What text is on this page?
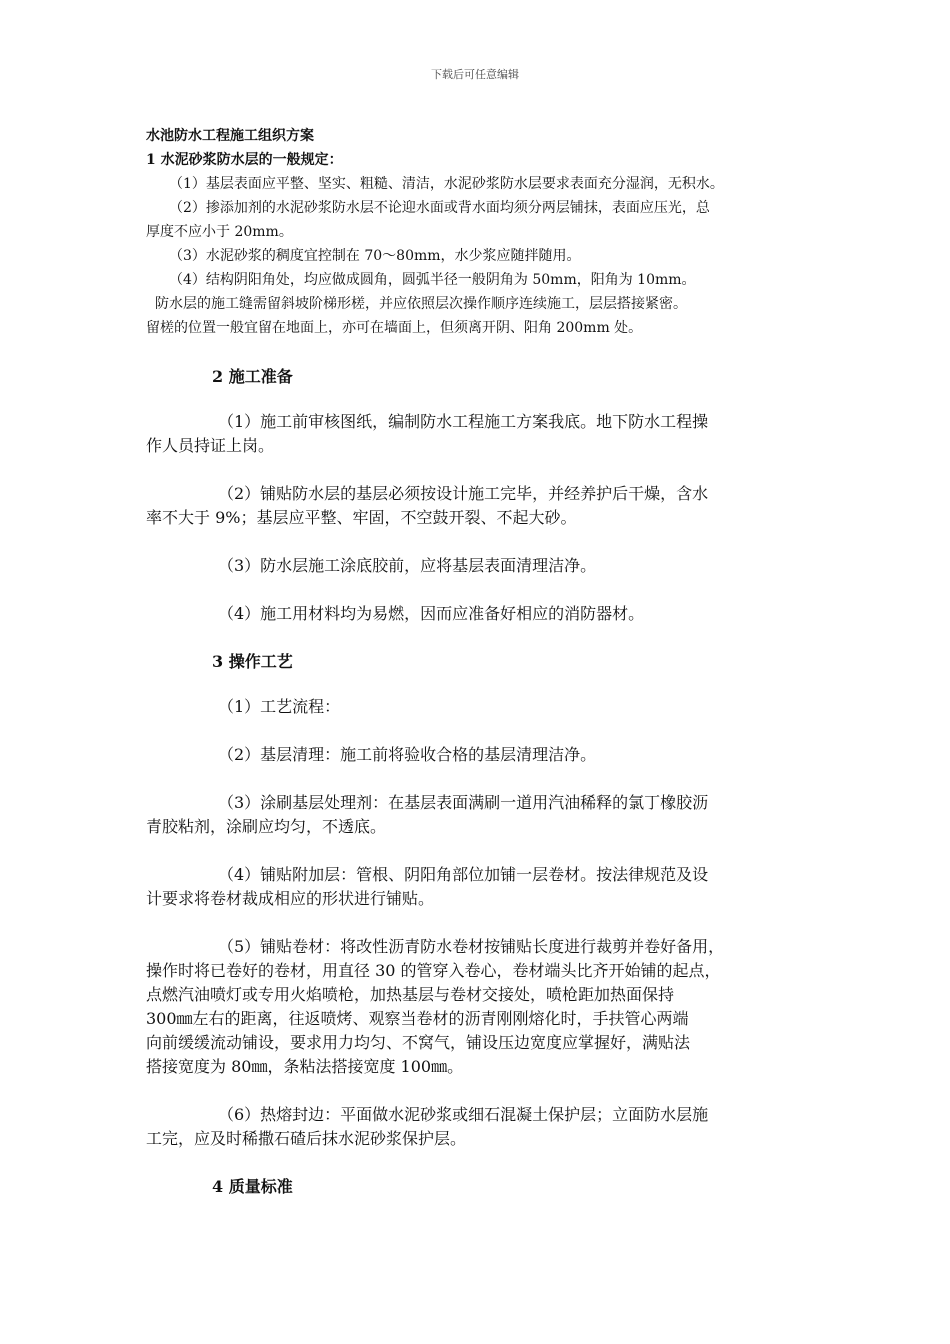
下载后可任意编辑
水池防水工程施工组织方案
1 水泥砂浆防水层的一般规定：
（1）基层表面应平整、坚实、粗糙、清洁，水泥砂浆防水层要求表面充分湿润，无积水。
（2）掺添加剂的水泥砂浆防水层不论迎水面或背水面均须分两层铺抹，表面应压光，总
厚度不应小于 20mm。
（3）水泥砂浆的稠度宜控制在 70～80mm，水少浆应随拌随用。
（4）结构阴阳角处，均应做成圆角，圆弧半径一般阴角为 50mm，阳角为 10mm。
防水层的施工缝需留斜坡阶梯形槎，并应依照层次操作顺序连续施工，层层搭接紧密。
留槎的位置一般宜留在地面上，亦可在墙面上，但须离开阴、阳角 200mm 处。
2 施工准备
（1）施工前审核图纸，编制防水工程施工方案我底。地下防水工程操
作人员持证上岗。
（2）铺贴防水层的基层必须按设计施工完毕，并经养护后干燥，含水
率不大于 9%；基层应平整、牢固，不空鼓开裂、不起大砂。
（3）防水层施工涂底胶前，应将基层表面清理洁净。
（4）施工用材料均为易燃，因而应准备好相应的消防器材。
3 操作工艺
（1）工艺流程：
（2）基层清理：施工前将验收合格的基层清理洁净。
（3）涂刷基层处理剂：在基层表面满刷一道用汽油稀释的氯丁橡胶沥
青胶粘剂，涂刷应均匀，不透底。
（4）铺贴附加层：管根、阴阳角部位加铺一层卷材。按法律规范及设
计要求将卷材裁成相应的形状进行铺贴。
（5）铺贴卷材：将改性沥青防水卷材按铺贴长度进行裁剪并卷好备用，
操作时将已卷好的卷材，用直径 30 的管穿入卷心，卷材端头比齐开始铺的起点，
点燃汽油喷灯或专用火焰喷枪，加热基层与卷材交接处，喷枪距加热面保持
300㎜左右的距离，往返喷烤、观察当卷材的沥青刚刚熔化时，手扶管心两端
向前缓缓流动铺设，要求用力均匀、不窝气，铺设压边宽度应掌握好，满贴法
搭接宽度为 80㎜，条粘法搭接宽度 100㎜。
（6）热熔封边：平面做水泥砂浆或细石混凝土保护层；立面防水层施
工完，应及时稀撒石碴后抹水泥砂浆保护层。
4 质量标准
